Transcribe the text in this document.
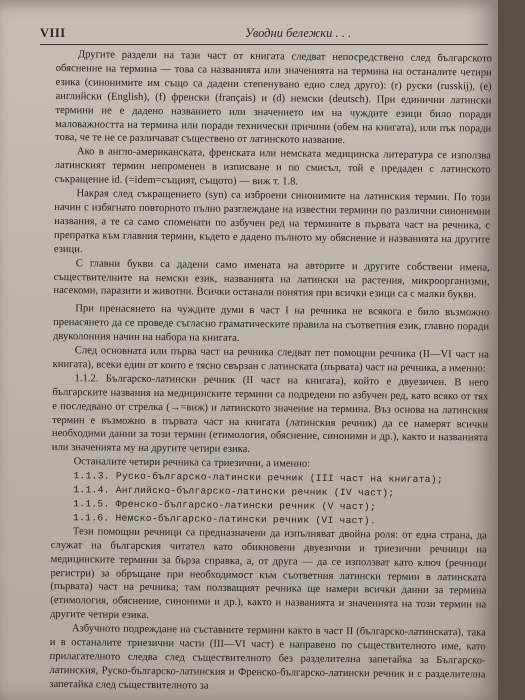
VIII	Уводни бележки . . .

Другите раздели на тази част от книгата следват непосредствено след българското обяснение на термина — това са названията или значенията на термина на останалите четири езика (синонимите им също са дадени степенувано едно след друго): (r) руски (russkij), (e) английски (English), (f) френски (français) и (d) немски (deutsch). При единични латински термини не е дадено названието или значението им на чуждите езици било поради маловажността на термина или поради технически причини (обем на книгата), или пък поради това, че те не се различават съществено от латинското название.

Ако в англо-американската, френската или немската медицинска литература се използва латинският термин непроменен в изписване и по смисъл, той е предаден с латинското съкращение id. (=idem=същият, същото) — виж т. 1.8.

Накрая след съкращението (syn) са изброени синонимите на латинския термин. По този начин с избягнато повторното пълно разглеждане на известни термини по различни синонимни названия, а те са само споменати по азбучен ред на термините в първата част на речника, с препратка към главния термин, където е дадено пълното му обяснение и названията на другите езици.

С главни букви са дадени само имената на авторите и другите собствени имена, съществителните на немски език, названията на латински на растения, микроорганизми, насекоми, паразити и животни. Всички останали понятия при всички езици са с малки букви.

При пренасянето на чуждите думи в част I на речника не всякога е било възможно пренасянето да се проведе съгласно граматическите правила на съответния език, главно поради двуколонния начин на набора на книгата.

След основната или първа част на речника следват пет помощни речника (II—VI част на книгата), всеки един от които е тясно свързан с латинската (първата) част на речника, а именно:

1.1.2. Българско-латински речник (II част на книгата), който е двуезичен. В него българските названия на медицинските термини са подредени по азбучен ред, като всяко от тях е последвано от стрелка (→=виж) и латинското значение на термина. Въз основа на латинския термин е възможно в първата част на книгата (латинския речник) да се намерят всички необходими данни за този термин (етимология, обяснение, синоними и др.), както и названията или значенията му на другите четири езика.

Останалите четири речника са триезични, а именно:

1.1.3. Руско-българско-латински речник (III част на книгата);

1.1.4. Английско-българско-латински речник (IV част);

1.1.5. Френско-българско-латински речник (V част);

1.1.6. Немско-българско-латински речник (VI част).

Тези помощни речници са предназначени да изпълняват двойна роля: от една страна, да служат на българския читател като обикновени двуезични и триезични речници на медицинските термини за бърза справка, а, от друга — да се използват като ключ (речници регистри) за обръщане при необходимост към съответния латински термин в латинската (първата) част на речника; там ползващият речника ще намери всички данни за термина (етимология, обяснение, синоними и др.), както и названията и значенията на този термин на другите четири езика.

Азбучното подреждане на съставните термини както в част II (българско-латинската), така и в останалите триезични части (III—VI част) е направено по съществителното име, като прилагателното следва след съществителното без разделителна запетайка за Българско-латинския, Руско-българско-латинския и Френско-българско-латински речник и с разделителна запетайка след съществителното за
